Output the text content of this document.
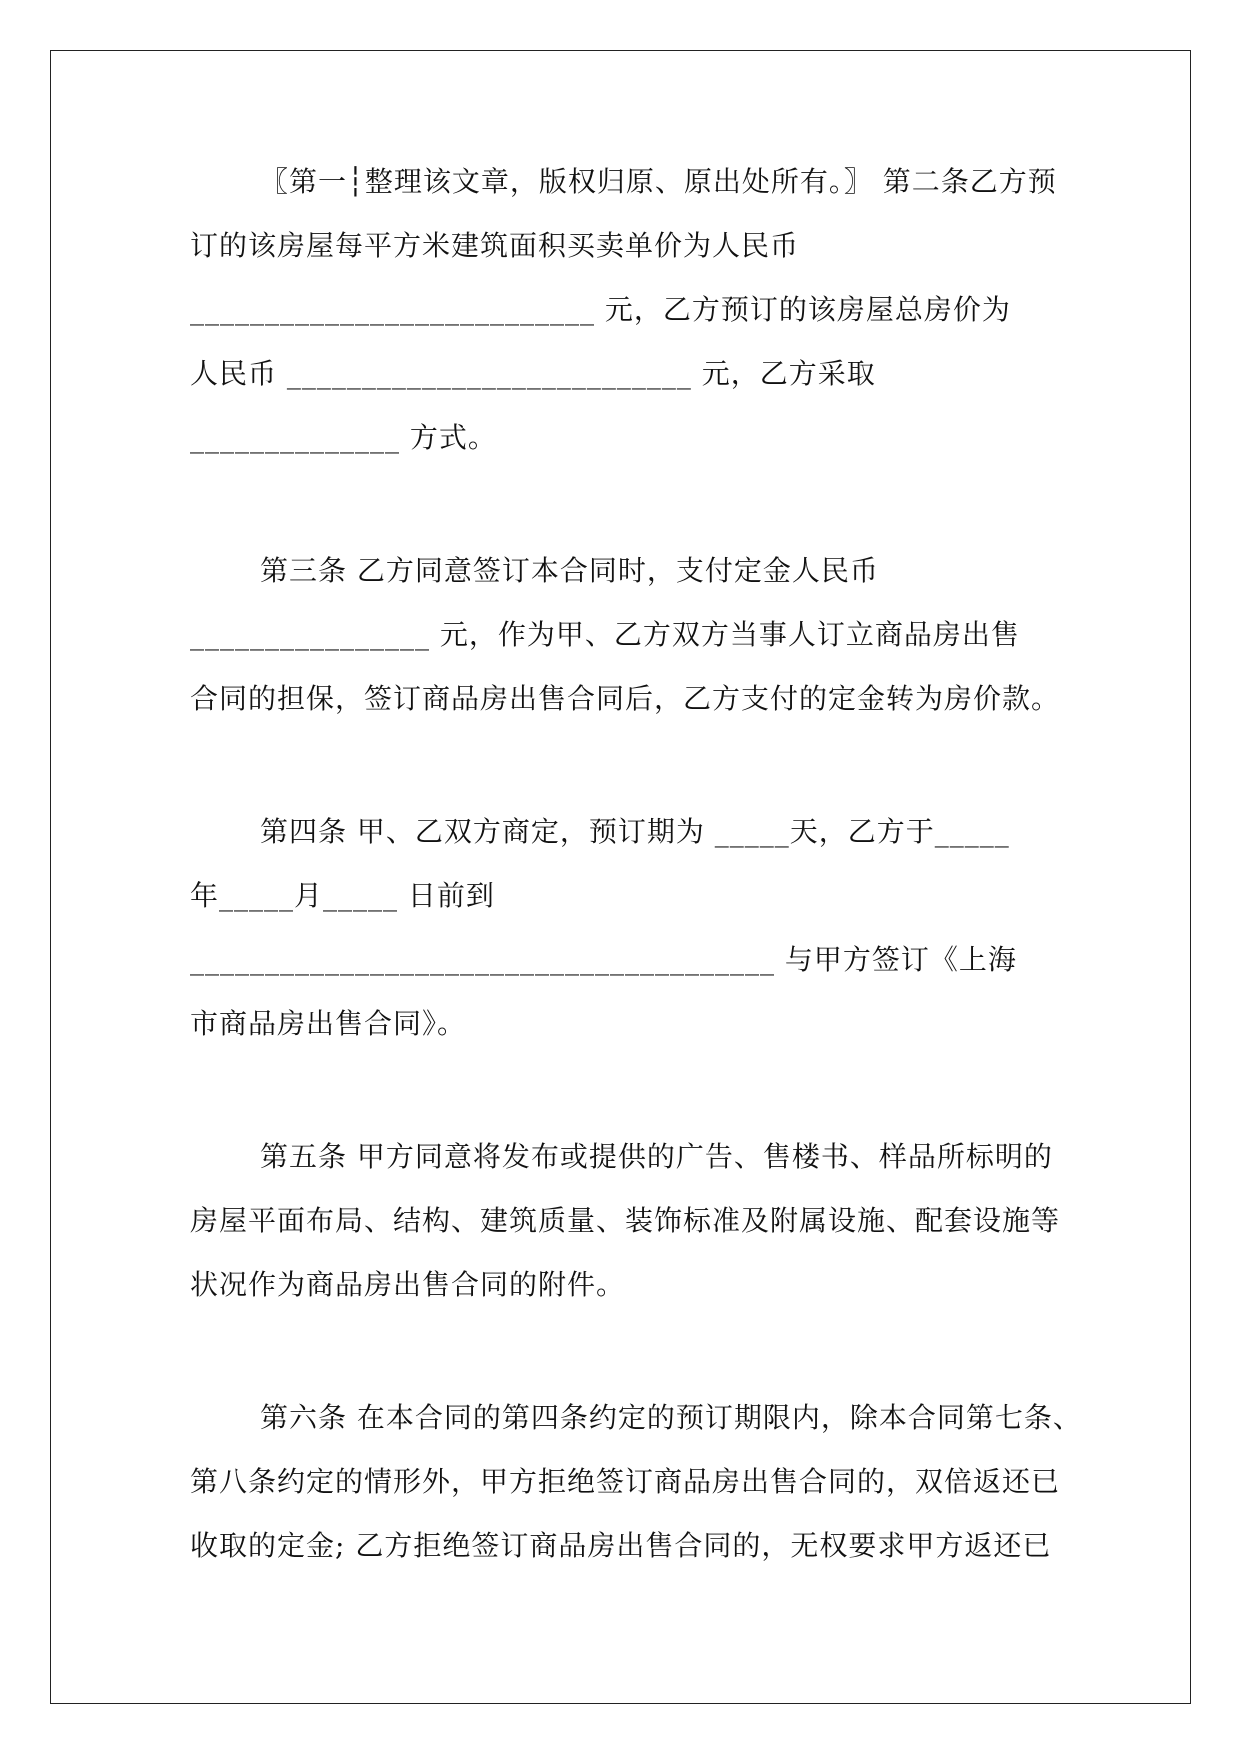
〖第一┆整理该文章，版权归原、原出处所有。〗 第二条乙方预
订的该房屋每平方米建筑面积买卖单价为人民币
___________________________ 元，乙方预订的该房屋总房价为
人民币 ___________________________ 元，乙方采取
______________ 方式。
第三条 乙方同意签订本合同时，支付定金人民币
________________ 元，作为甲、乙方双方当事人订立商品房出售
合同的担保，签订商品房出售合同后，乙方支付的定金转为房价款。
第四条 甲、乙双方商定，预订期为 _____天，乙方于_____
年_____月_____ 日前到
_______________________________________ 与甲方签订《上海
市商品房出售合同》。
第五条 甲方同意将发布或提供的广告、售楼书、样品所标明的
房屋平面布局、结构、建筑质量、装饰标准及附属设施、配套设施等
状况作为商品房出售合同的附件。
第六条 在本合同的第四条约定的预订期限内，除本合同第七条、
第八条约定的情形外，甲方拒绝签订商品房出售合同的，双倍返还已
收取的定金; 乙方拒绝签订商品房出售合同的，无权要求甲方返还已
